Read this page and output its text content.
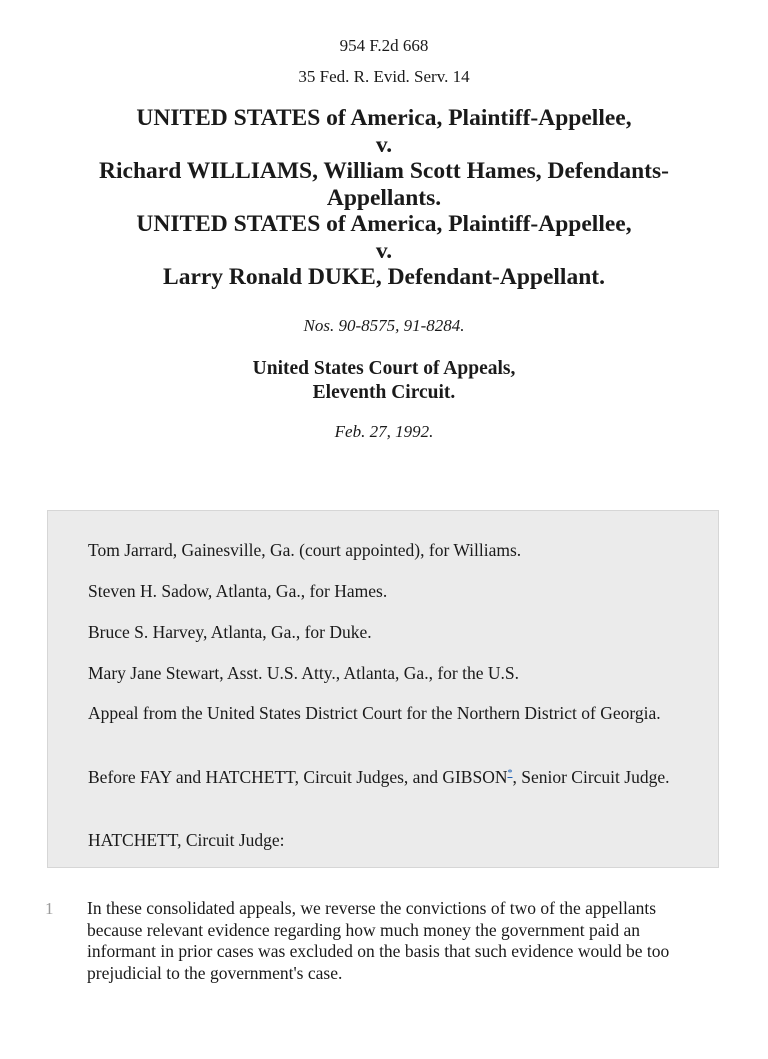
954 F.2d 668
35 Fed. R. Evid. Serv. 14
UNITED STATES of America, Plaintiff-Appellee,
v.
Richard WILLIAMS, William Scott Hames, Defendants-
Appellants.
UNITED STATES of America, Plaintiff-Appellee,
v.
Larry Ronald DUKE, Defendant-Appellant.
Nos. 90-8575, 91-8284.
United States Court of Appeals,
Eleventh Circuit.
Feb. 27, 1992.

Tom Jarrard, Gainesville, Ga. (court appointed), for Williams.

Steven H. Sadow, Atlanta, Ga., for Hames.

Bruce S. Harvey, Atlanta, Ga., for Duke.

Mary Jane Stewart, Asst. U.S. Atty., Atlanta, Ga., for the U.S.

Appeal from the United States District Court for the Northern District of Georgia.

Before FAY and HATCHETT, Circuit Judges, and GIBSON*, Senior Circuit Judge.

HATCHETT, Circuit Judge:

1 In these consolidated appeals, we reverse the convictions of two of the appellants because relevant evidence regarding how much money the government paid an informant in prior cases was excluded on the basis that such evidence would be too prejudicial to the government's case.
